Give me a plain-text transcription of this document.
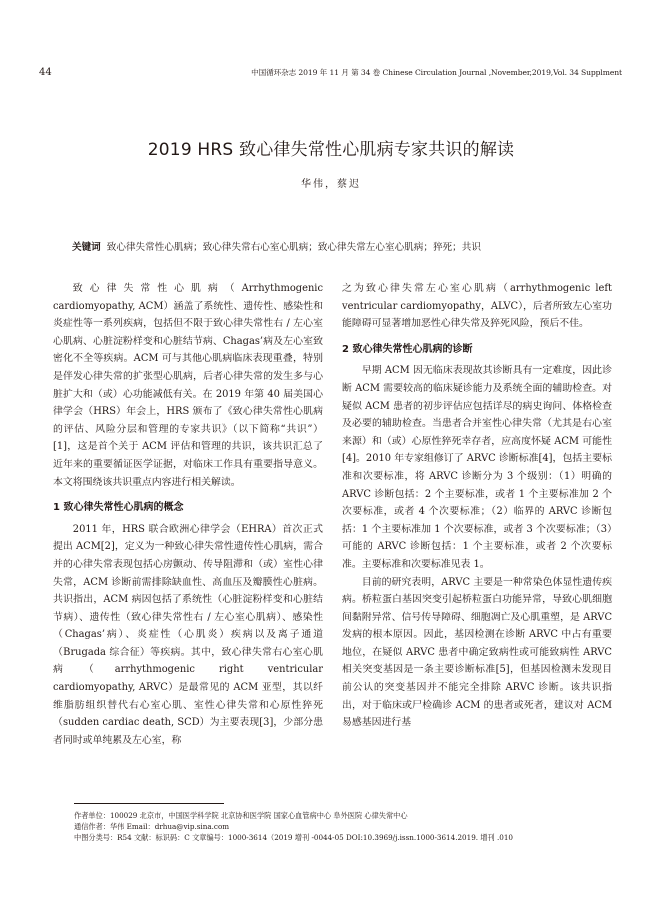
44	中国循环杂志 2019 年 11 月 第 34 卷 Chinese Circulation Journal ,November,2019,Vol. 34 Supplment
2019 HRS 致心律失常性心肌病专家共识的解读
华伟，蔡迟
关键词 致心律失常性心肌病；致心律失常右心室心肌病；致心律失常左心室心肌病；猝死；共识

致心律失常性心肌病（Arrhythmogenic cardiomyopathy, ACM）涵盖了系统性、遗传性、感染性和炎症性等一系列疾病，包括但不限于致心律失常性右 / 左心室心肌病、心脏淀粉样变和心脏结节病、Chagas’病及左心室致密化不全等疾病。ACM 可与其他心肌病临床表现重叠，特别是伴发心律失常的扩张型心肌病，后者心律失常的发生多与心脏扩大和（或）心功能减低有关。在 2019 年第 40 届美国心律学会（HRS）年会上，HRS 颁布了《致心律失常性心肌病的评估、风险分层和管理的专家共识》（以下简称“共识”）[1]，这是首个关于 ACM 评估和管理的共识，该共识汇总了近年来的重要循证医学证据，对临床工作具有重要指导意义。本文将围绕该共识重点内容进行相关解读。

1 致心律失常性心肌病的概念

2011 年，HRS 联合欧洲心律学会（EHRA）首次正式提出 ACM[2]，定义为一种致心律失常性遗传性心肌病，需合并的心律失常表现包括心房颤动、传导阻滞和（或）室性心律失常，ACM 诊断前需排除缺血性、高血压及瓣膜性心脏病。共识指出，ACM 病因包括了系统性（心脏淀粉样变和心脏结节病）、遗传性（致心律失常性右 / 左心室心肌病）、感染性（Chagas’病）、炎症性（心肌炎）疾病以及离子通道（Brugada 综合征）等疾病。其中，致心律失常右心室心肌病（arrhythmogenic right ventricular cardiomyopathy, ARVC）是最常见的 ACM 亚型，其以纤维脂肪组织替代右心室心肌、室性心律失常和心原性猝死（sudden cardiac death, SCD）为主要表现[3]，少部分患者同时或单纯累及左心室，称

之为致心律失常左心室心肌病（arrhythmogenic left ventricular cardiomyopathy，ALVC），后者所致左心室功能障碍可显著增加恶性心律失常及猝死风险，预后不佳。

2 致心律失常性心肌病的诊断

早期 ACM 因无临床表现故其诊断具有一定难度，因此诊断 ACM 需要较高的临床疑诊能力及系统全面的辅助检查。对疑似 ACM 患者的初步评估应包括详尽的病史询问、体格检查及必要的辅助检查。当患者合并室性心律失常（尤其是右心室来源）和（或）心原性猝死幸存者，应高度怀疑 ACM 可能性[4]。2010 年专家组修订了 ARVC 诊断标准[4]，包括主要标准和次要标准，将 ARVC 诊断分为 3 个级别：（1）明确的 ARVC 诊断包括：2 个主要标准，或者 1 个主要标准加 2 个次要标准，或者 4 个次要标准；（2）临界的 ARVC 诊断包括：1 个主要标准加 1 个次要标准，或者 3 个次要标准；（3）可能的 ARVC 诊断包括：1 个主要标准，或者 2 个次要标准。主要标准和次要标准见表 1。

目前的研究表明，ARVC 主要是一种常染色体显性遗传疾病。桥粒蛋白基因突变引起桥粒蛋白功能异常，导致心肌细胞间黏附异常、信号传导障碍、细胞凋亡及心肌重塑，是 ARVC 发病的根本原因。因此，基因检测在诊断 ARVC 中占有重要地位，在疑似 ARVC 患者中确定致病性或可能致病性 ARVC 相关突变基因是一条主要诊断标准[5]，但基因检测未发现目前公认的突变基因并不能完全排除 ARVC 诊断。该共识指出，对于临床或尸检确诊 ACM 的患者或死者，建议对 ACM 易感基因进行基

作者单位：100029 北京市，中国医学科学院 北京协和医学院 国家心血管病中心 阜外医院 心律失常中心
通信作者：华伟 Email：drhua@vip.sina.com
中图分类号：R54 文献：标识码：C 文章编号：1000-3614（2019 增刊 -0044-05 DOI:10.3969/j.issn.1000-3614.2019. 增刊 .010
